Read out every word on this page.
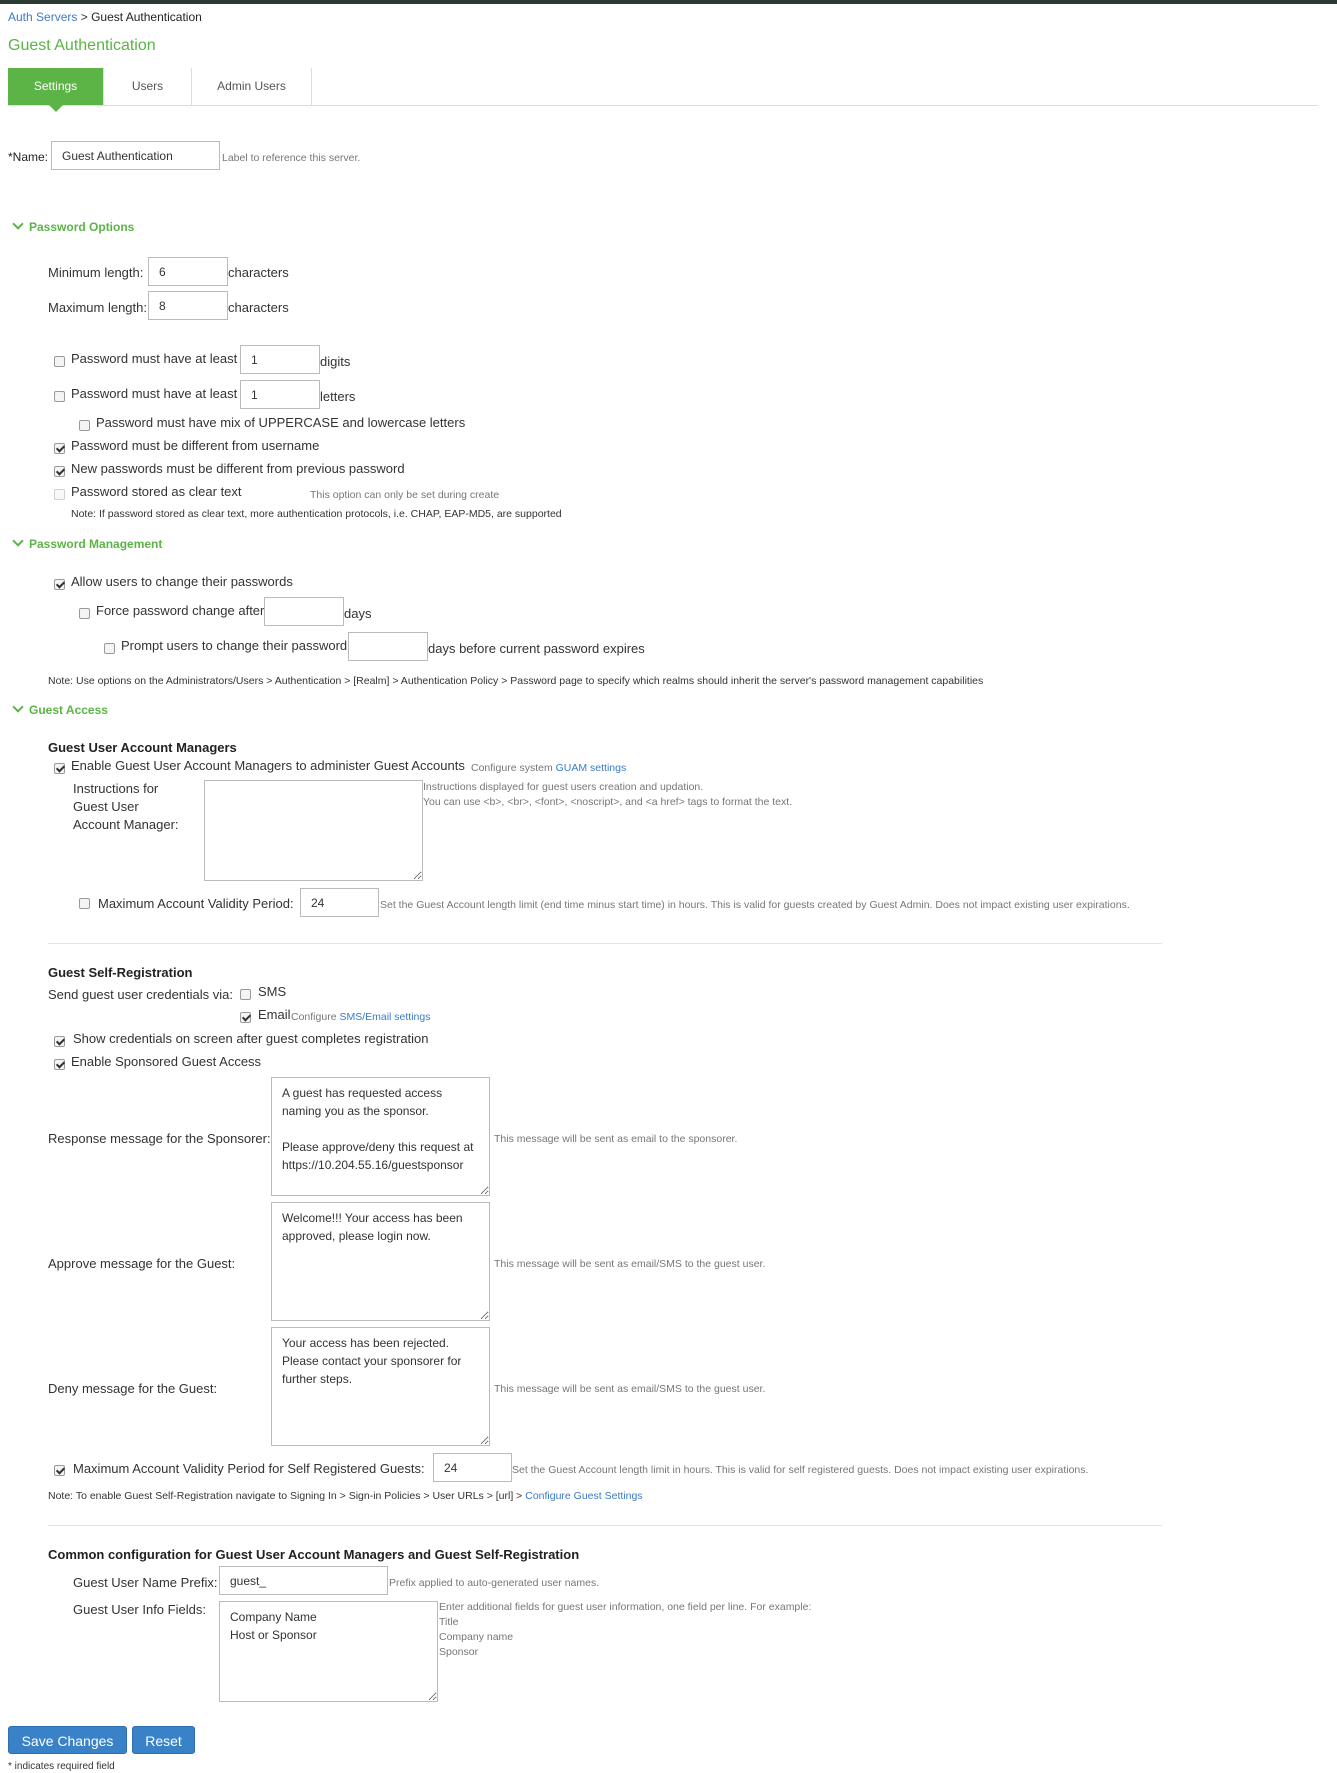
Auth Servers > Guest Authentication
Guest Authentication
Settings	Users	Admin Users
*Name:
Guest Authentication	Label to reference this server.
Password Options
Minimum length:
6	characters
Maximum length:
8	characters
Password must have at least
1	digits
Password must have at least
1	letters
Password must have mix of UPPERCASE and lowercase letters
Password must be different from username
New passwords must be different from previous password
Password stored as clear text	This option can only be set during create
Note: If password stored as clear text, more authentication protocols, i.e. CHAP, EAP-MD5, are supported
Password Management
Allow users to change their passwords
Force password change after	days
Prompt users to change their password	days before current password expires
Note: Use options on the Administrators/Users > Authentication > [Realm] > Authentication Policy > Password page to specify which realms should inherit the server's password management capabilities
Guest Access
Guest User Account Managers
Enable Guest User Account Managers to administer Guest Accounts Configure system GUAM settings
Instructions for
Guest User
Account Manager:
Instructions displayed for guest users creation and updation.
You can use <b>, <br>, <font>, <noscript>, and <a href> tags to format the text.
Maximum Account Validity Period:
24	Set the Guest Account length limit (end time minus start time) in hours. This is valid for guests created by Guest Admin. Does not impact existing user expirations.
Guest Self-Registration
Send guest user credentials via: SMS
Email Configure SMS/Email settings
Show credentials on screen after guest completes registration
Enable Sponsored Guest Access
Response message for the Sponsorer:
A guest has requested access naming you as the sponsor. Please approve/deny this request at https://10.204.55.16/guestsponsor	This message will be sent as email to the sponsorer.
Approve message for the Guest:
Welcome!!! Your access has been approved, please login now.	This message will be sent as email/SMS to the guest user.
Deny message for the Guest:
Your access has been rejected. Please contact your sponsorer for further steps.	This message will be sent as email/SMS to the guest user.
Maximum Account Validity Period for Self Registered Guests:
24	Set the Guest Account length limit in hours. This is valid for self registered guests. Does not impact existing user expirations.
Note: To enable Guest Self-Registration navigate to Signing In > Sign-in Policies > User URLs > [url] > Configure Guest Settings
Common configuration for Guest User Account Managers and Guest Self-Registration
Guest User Name Prefix:
guest_	Prefix applied to auto-generated user names.
Guest User Info Fields:
Company Name Host or Sponsor	Enter additional fields for guest user information, one field per line. For example:
Title
Company name
Sponsor
Save Changes	Reset
* indicates required field
